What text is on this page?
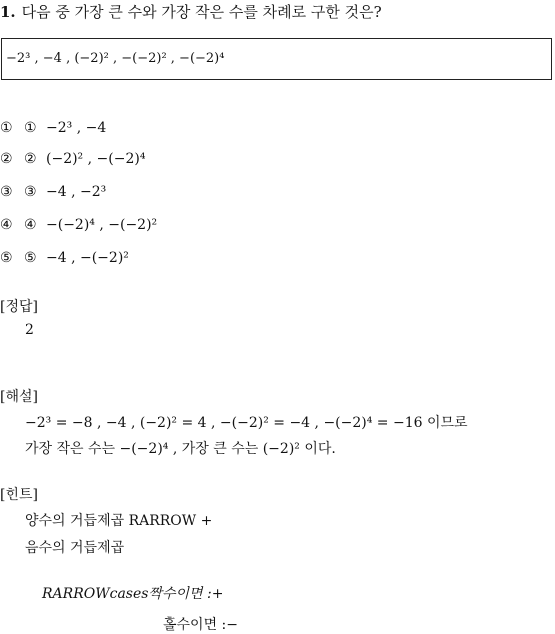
1. 다음 중 가장 큰 수와 가장 작은 수를 차례로 구한 것은?
−2³ , −4 , (−2)² , −(−2)² , −(−2)⁴
① ① −2³ , −4
② ② (−2)² , −(−2)⁴
③ ③ −4 , −2³
④ ④ −(−2)⁴ , −(−2)²
⑤ ⑤ −4 , −(−2)²
[정답]
2
[해설]
−2³ = −8 , −4 , (−2)² = 4 , −(−2)² = −4 , −(−2)⁴ = −16 이므로
가장 작은 수는 −(−2)⁴ , 가장 큰 수는 (−2)² 이다.
[힌트]
양수의 거듭제곱 RARROW +
음수의 거듭제곱
RARROWcases짝수이면 :+
홀수이면 :−
